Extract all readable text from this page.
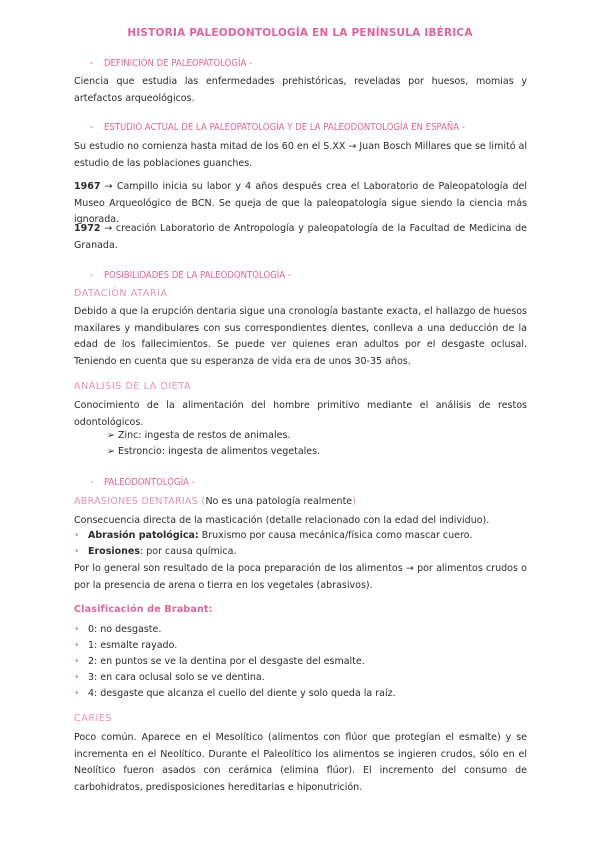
HISTORIA PALEODONTOLOGÍA EN LA PENÍNSULA IBÉRICA
- DEFINICIÓN DE PALEOPATOLOGÍA -
Ciencia que estudia las enfermedades prehistóricas, reveladas por huesos, momias y artefactos arqueológicos.
- ESTUDIO ACTUAL DE LA PALEOPATOLOGÍA Y DE LA PALEODONTOLOGÍA EN ESPAÑA -
Su estudio no comienza hasta mitad de los 60 en el S.XX → Juan Bosch Millares que se limitó al estudio de las poblaciones guanches.
1967 → Campillo inicia su labor y 4 años después crea el Laboratorio de Paleopatología del Museo Arqueológico de BCN. Se queja de que la paleopatología sigue siendo la ciencia más ignorada.
1972 → creación Laboratorio de Antropología y paleopatología de la Facultad de Medicina de Granada.
- POSIBILIDADES DE LA PALEODONTOLOGÍA -
DATACIÓN ATARIA
Debido a que la erupción dentaria sigue una cronología bastante exacta, el hallazgo de huesos maxilares y mandibulares con sus correspondientes dientes, conlleva a una deducción de la edad de los fallecimientos. Se puede ver quienes eran adultos por el desgaste oclusal. Teniendo en cuenta que su esperanza de vida era de unos 30-35 años.
ANÁLISIS DE LA DIETA
Conocimiento de la alimentación del hombre primitivo mediante el análisis de restos odontológicos.
➢ Zinc: ingesta de restos de animales.
➢ Estroncio: ingesta de alimentos vegetales.
- PALEODONTOLOGÍA -
ABRASIONES DENTARIAS (No es una patología realmente)
Consecuencia directa de la masticación (detalle relacionado con la edad del individuo).
• Abrasión patológica: Bruxismo por causa mecánica/física como mascar cuero.
• Erosiones: por causa química.
Por lo general son resultado de la poca preparación de los alimentos → por alimentos crudos o por la presencia de arena o tierra en los vegetales (abrasivos).
Clasificación de Brabant:
• 0: no desgaste.
• 1: esmalte rayado.
• 2: en puntos se ve la dentina por el desgaste del esmalte.
• 3: en cara oclusal solo se ve dentina.
• 4: desgaste que alcanza el cuello del diente y solo queda la raíz.
CARIES
Poco común. Aparece en el Mesolítico (alimentos con flúor que protegían el esmalte) y se incrementa en el Neolítico. Durante el Paleolítico los alimentos se ingieren crudos, sólo en el Neolítico fueron asados con cerámica (elimina flúor). El incremento del consumo de carbohidratos, predisposiciones hereditarias e hiponutrición.
